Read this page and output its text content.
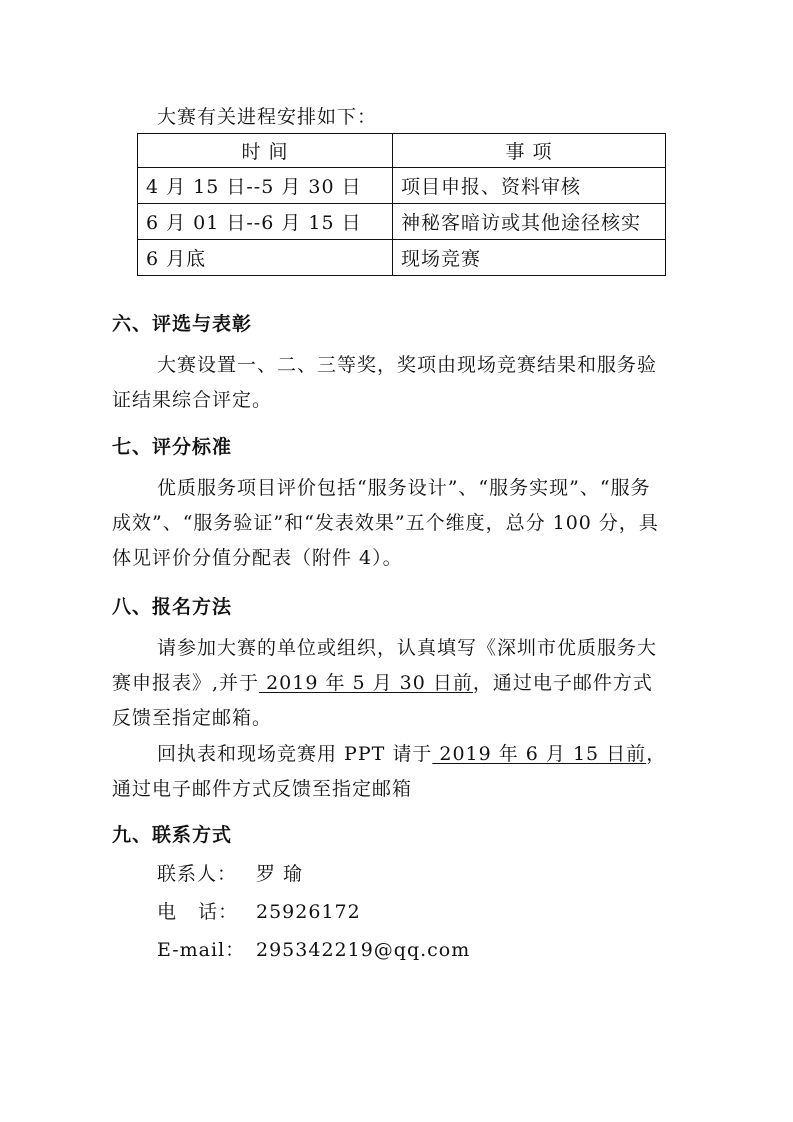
大赛有关进程安排如下：
时 间	事 项
4 月 15 日--5 月 30 日	项目申报、资料审核
6 月 01 日--6 月 15 日	神秘客暗访或其他途径核实
6 月底	现场竞赛
六、评选与表彰
大赛设置一、二、三等奖，奖项由现场竞赛结果和服务验
证结果综合评定。
七、评分标准
优质服务项目评价包括“服务设计”、“服务实现”、“服务
成效”、“服务验证”和“发表效果”五个维度，总分 100 分，具
体见评价分值分配表（附件 4）。
八、报名方法
请参加大赛的单位或组织，认真填写《深圳市优质服务大
赛申报表》,并于 2019 年 5 月 30 日前，通过电子邮件方式
反馈至指定邮箱。
回执表和现场竞赛用 PPT 请于 2019 年 6 月 15 日前，
通过电子邮件方式反馈至指定邮箱
九、联系方式
联系人： 罗 瑜
电   话： 25926172
E-mail： 295342219@qq.com
